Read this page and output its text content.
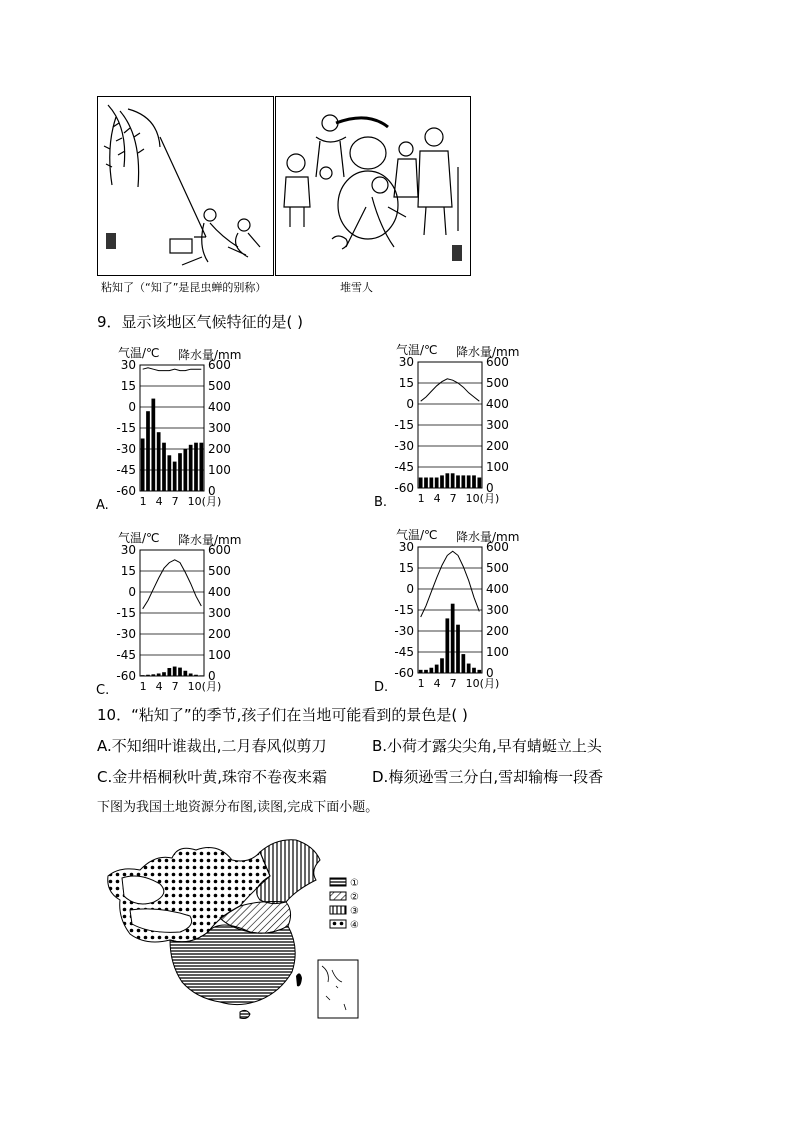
粘知了（“知了”是昆虫蝉的别称）	堆雪人
9．显示该地区气候特征的是( )
气温/℃ 降水量/mm
30
15
0
-15
-30
-45
-60
600
500
400
300
200
100
0
1 4 7 10(月)
A.
气温/℃ 降水量/mm
30
15
0
-15
-30
-45
-60
600
500
400
300
200
100
0
1 4 7 10(月)
B.
气温/℃ 降水量/mm
30
15
0
-15
-30
-45
-60
600
500
400
300
200
100
0
1 4 7 10(月)
C.
气温/℃ 降水量/mm
30
15
0
-15
-30
-45
-60
600
500
400
300
200
100
0
1 4 7 10(月)
D.
10．“粘知了”的季节,孩子们在当地可能看到的景色是( )
A.不知细叶谁裁出,二月春风似剪刀	B.小荷才露尖尖角,早有蜻蜓立上头
C.金井梧桐秋叶黄,珠帘不卷夜来霜	D.梅须逊雪三分白,雪却输梅一段香
下图为我国土地资源分布图,读图,完成下面小题。
①
②
③
④
